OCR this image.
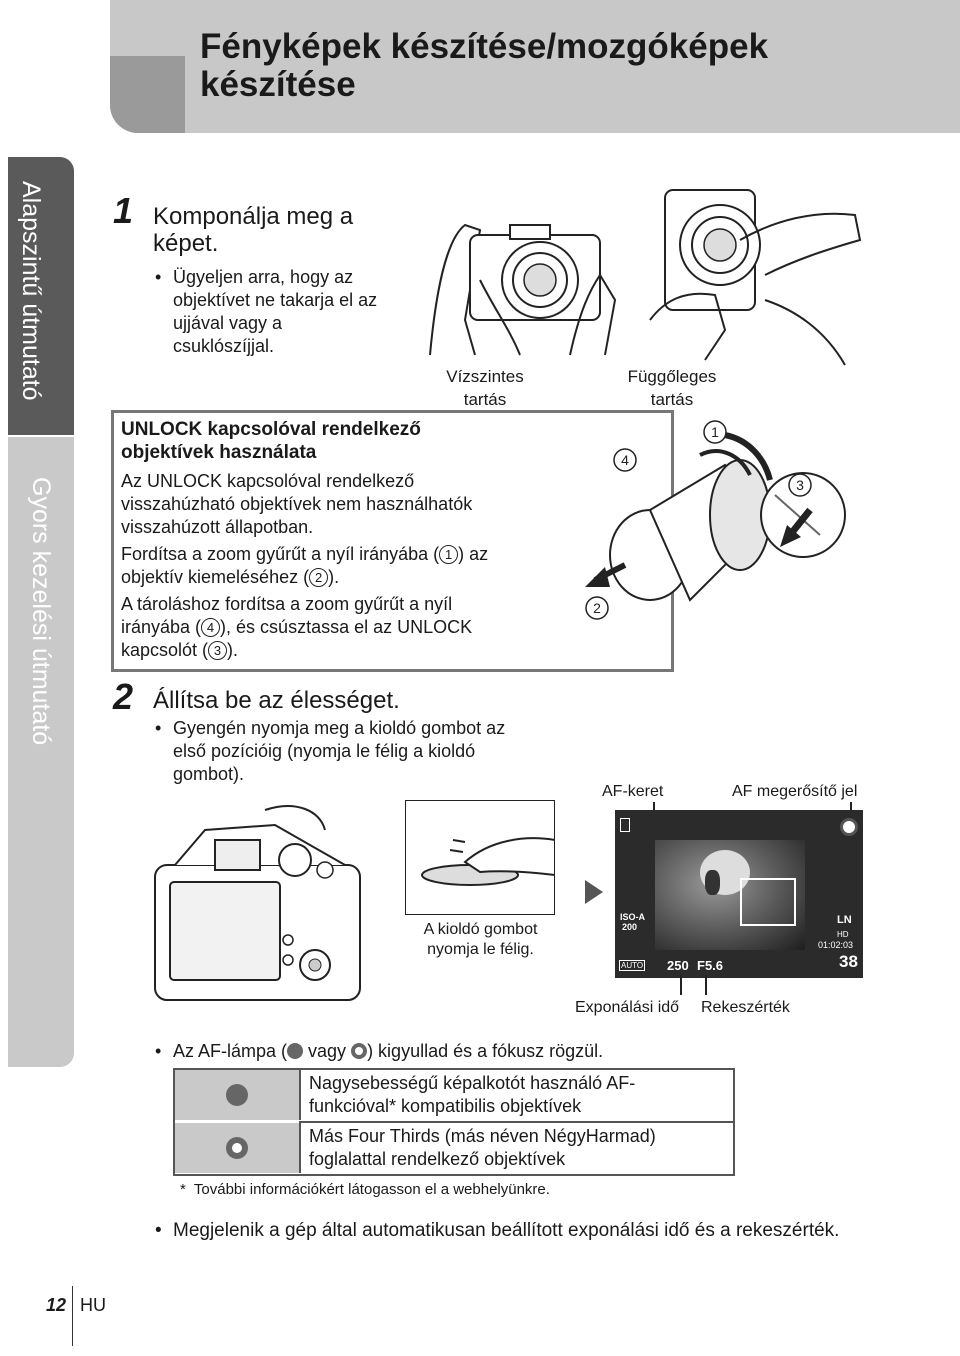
Fényképek készítése/mozgóképek készítése
Alapszintű útmutató
Gyors kezelési útmutató
1 Komponálja meg a képet.
• Ügyeljen arra, hogy az objektívet ne takarja el az ujjával vagy a csuklószíjjal.
Vízszintes tartás
Függőleges tartás
UNLOCK kapcsolóval rendelkező objektívek használata
Az UNLOCK kapcsolóval rendelkező visszahúzható objektívek nem használhatók visszahúzott állapotban.
Fordítsa a zoom gyűrűt a nyíl irányába ( 1 ) az objektív kiemeléséhez ( 2 ).
A tároláshoz fordítsa a zoom gyűrűt a nyíl irányába ( 4 ), és csúsztassa el az UNLOCK kapcsolót ( 3 ).
1
4
3
2
2 Állítsa be az élességet.
• Gyengén nyomja meg a kioldó gombot az első pozícióig (nyomja le félig a kioldó gombot).
A kioldó gombot nyomja le félig.
AF-keret	AF megerősítő jel
ISO-A
200
AUTO 250 F5.6
LN
HD
01:02:03
38
Exponálási idő Rekeszérték
• Az AF-lámpa ( vagy
) kigyullad és a fókusz rögzül.
Nagysebességű képalkotót használó AF-funkcióval* kompatibilis objektívek
Más Four Thirds (más néven NégyHarmad) foglalattal rendelkező objektívek
*  További információkért látogasson el a webhelyünkre.
• Megjelenik a gép által automatikusan beállított exponálási idő és a rekeszérték.
12 HU
